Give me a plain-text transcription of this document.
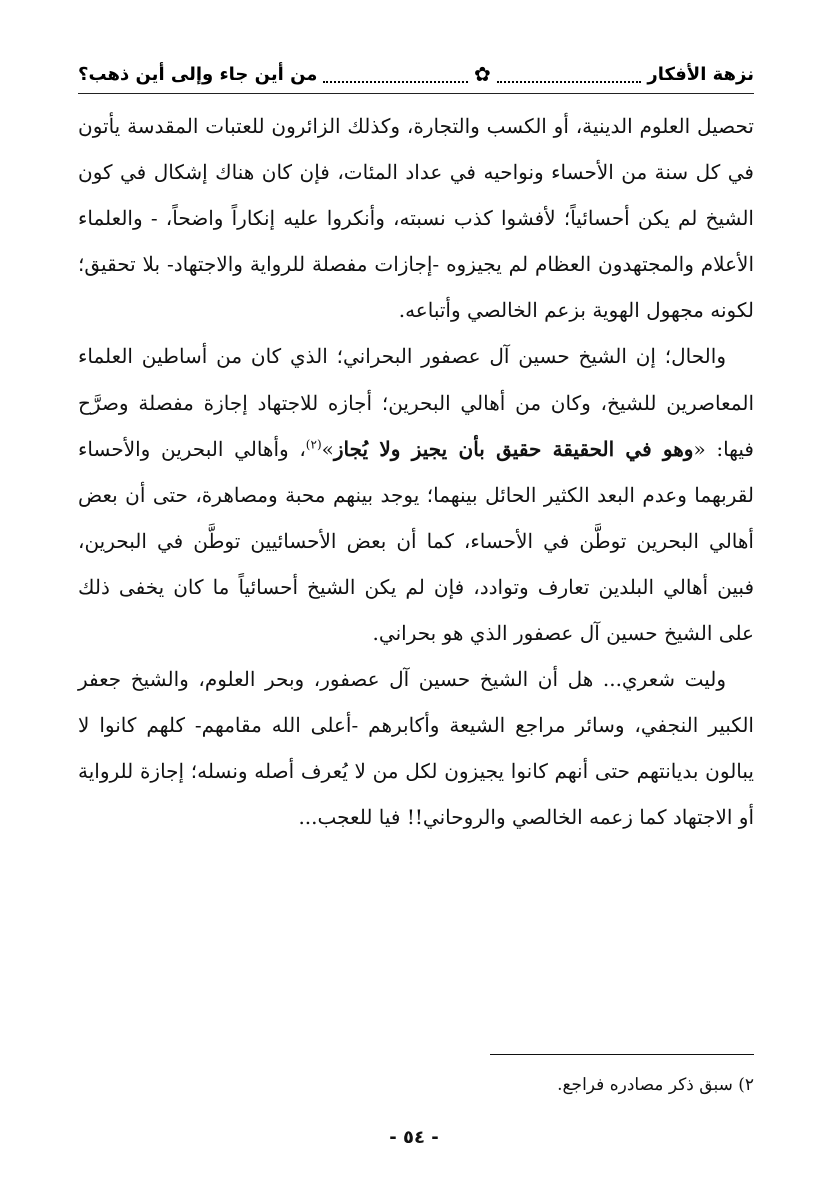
نزهة الأفكار
✿
من أين جاء وإلى أين ذهب؟

تحصيل العلوم الدينية، أو الكسب والتجارة، وكذلك الزائرون للعتبات المقدسة يأتون في كل سنة من الأحساء ونواحيه في عداد المئات، فإن كان هناك إشكال في كون الشيخ لم يكن أحسائياً؛ لأفشوا كذب نسبته، وأنكروا عليه إنكاراً واضحاً، - والعلماء الأعلام والمجتهدون العظام لم يجيزوه -إجازات مفصلة للرواية والاجتهاد- بلا تحقيق؛ لكونه مجهول الهوية بزعم الخالصي وأتباعه.

والحال؛ إن الشيخ حسين آل عصفور البحراني؛ الذي كان من أساطين العلماء المعاصرين للشيخ، وكان من أهالي البحرين؛ أجازه للاجتهاد إجازة مفصلة وصرَّح فيها: «وهو في الحقيقة حقيق بأن يجيز ولا يُجاز»$^{(٢)}$، وأهالي البحرين والأحساء لقربهما وعدم البعد الكثير الحائل بينهما؛ يوجد بينهم محبة ومصاهرة، حتى أن بعض أهالي البحرين توطَّن في الأحساء، كما أن بعض الأحسائيين توطَّن في البحرين، فبين أهالي البلدين تعارف وتوادد، فإن لم يكن الشيخ أحسائياً ما كان يخفى ذلك على الشيخ حسين آل عصفور الذي هو بحراني.

وليت شعري... هل أن الشيخ حسين آل عصفور، وبحر العلوم، والشيخ جعفر الكبير النجفي، وسائر مراجع الشيعة وأكابرهم -أعلى الله مقامهم- كلهم كانوا لا يبالون بديانتهم حتى أنهم كانوا يجيزون لكل من لا يُعرف أصله ونسله؛ إجازة للرواية أو الاجتهاد كما زعمه الخالصي والروحاني!! فيا للعجب...

٢) سبق ذكر مصادره فراجع.
- ٥٤ -
